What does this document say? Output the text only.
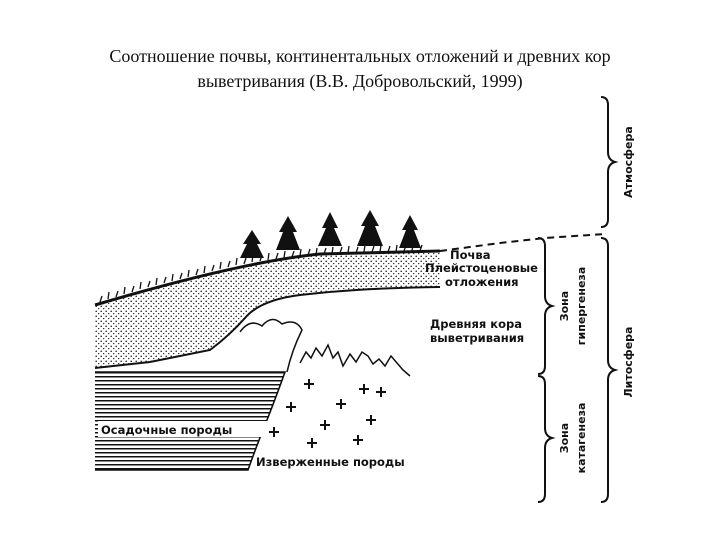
Соотношение почвы, континентальных отложений и древних кор
выветривания (В.В. Добровольский, 1999)
Почва
Плейстоценовые
отложения
Древняя кора
выветривания
Осадочные породы
Изверженные породы
Зона гипергенеза
Зона катагенеза
Атмосфера
Литосфера
